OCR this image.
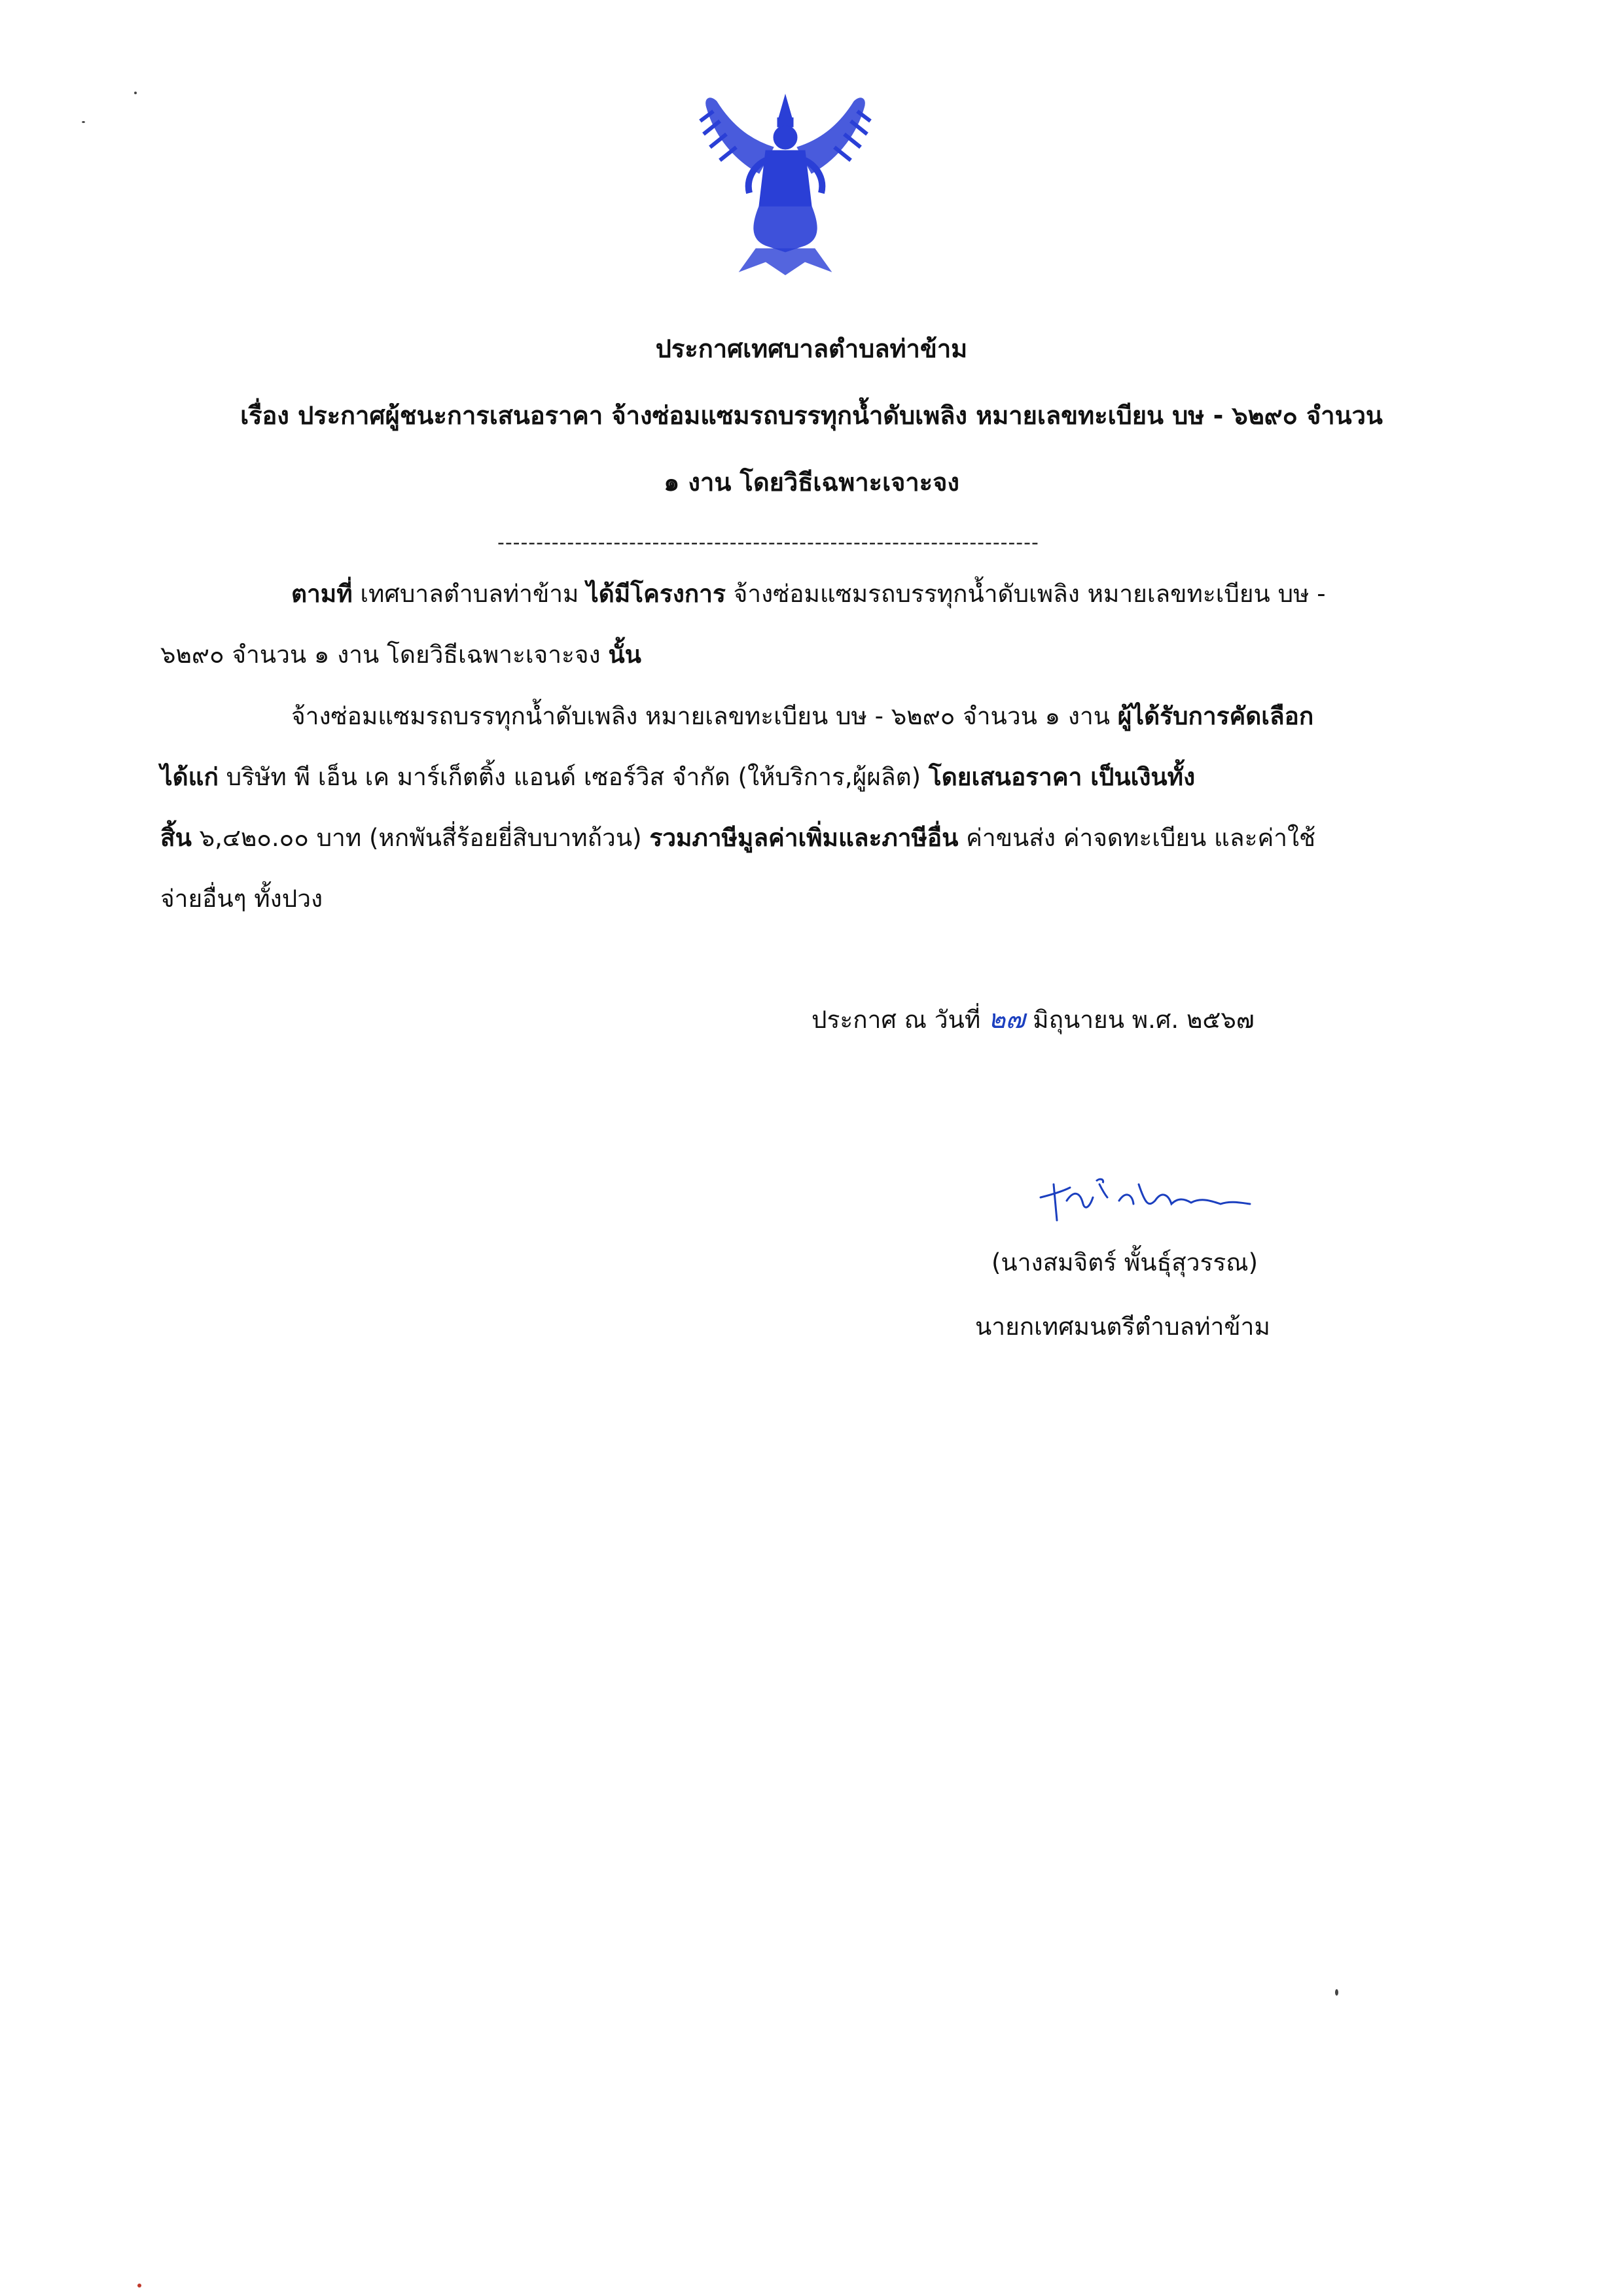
ประกาศเทศบาลตำบลท่าข้าม
เรื่อง ประกาศผู้ชนะการเสนอราคา จ้างซ่อมแซมรถบรรทุกน้ำดับเพลิง หมายเลขทะเบียน บษ - ๖๒๙๐ จำนวน
๑ งาน โดยวิธีเฉพาะเจาะจง
----------------------------------------------------------------------
ตามที่ เทศบาลตำบลท่าข้าม ได้มีโครงการ จ้างซ่อมแซมรถบรรทุกน้ำดับเพลิง หมายเลขทะเบียน บษ -
๖๒๙๐ จำนวน ๑ งาน โดยวิธีเฉพาะเจาะจง นั้น
จ้างซ่อมแซมรถบรรทุกน้ำดับเพลิง หมายเลขทะเบียน บษ - ๖๒๙๐ จำนวน ๑ งาน ผู้ได้รับการคัดเลือก
ได้แก่ บริษัท พี เอ็น เค มาร์เก็ตติ้ง แอนด์ เซอร์วิส จำกัด (ให้บริการ,ผู้ผลิต) โดยเสนอราคา เป็นเงินทั้ง
สิ้น ๖,๔๒๐.๐๐ บาท (หกพันสี่ร้อยยี่สิบบาทถ้วน) รวมภาษีมูลค่าเพิ่มและภาษีอื่น ค่าขนส่ง ค่าจดทะเบียน และค่าใช้
จ่ายอื่นๆ ทั้งปวง
ประกาศ ณ วันที่ ๒๗ มิถุนายน พ.ศ. ๒๕๖๗
(นางสมจิตร์ พั้นธุ์สุวรรณ)
นายกเทศมนตรีตำบลท่าข้าม
